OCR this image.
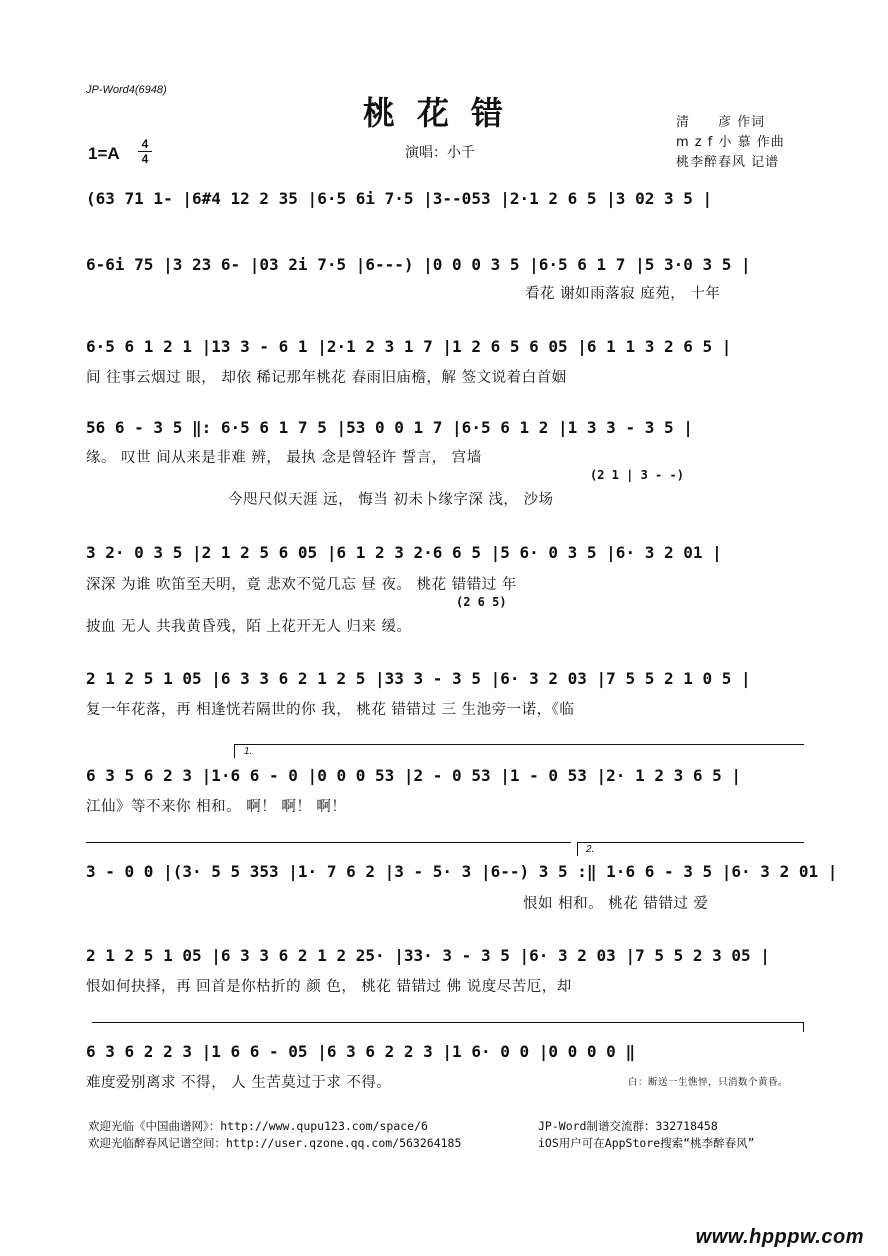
JP-Word4(6948)
桃花错
1=A	4
4	演唱：小千
清　　彦 作词
m z f 小 慕 作曲
桃李醉春风 记谱
(63 71 1- |6#4 12 2 35 |6·5 6i 7·5 |3--053 |2·1 2 6 5 |3 02 3 5 |
6-6i 75 |3 23 6- |03 2i 7·5 |6---) |0 0 0 3 5 |6·5 6 1 7 |5 3·0 3 5 |
看花 谢如雨落寂 庭苑， 十年
6·5 6 1 2 1 |13 3 - 6 1 |2·1 2 3 1 7 |1 2 6 5 6 05 |6 1 1 3 2 6 5 |
间 往事云烟过 眼， 却依 稀记那年桃花 春雨旧庙檐，解 签文说着白首姻
56 6 - 3 5 ‖: 6·5 6 1 7 5 |53 0 0 1 7 |6·5 6 1 2 |1 3 3 - 3 5 |
缘。 叹世 间从来是非难 辨， 最执 念是曾轻许 誓言， 宫墙
(2 1 | 3 - -)
今咫尺似天涯 远， 悔当 初未卜缘字深 浅， 沙场
3 2· 0 3 5 |2 1 2 5 6 05 |6 1 2 3 2·6 6 5 |5 6· 0 3 5 |6· 3 2 01 |
深深 为谁 吹笛至天明，竟 悲欢不觉几忘 昼 夜。 桃花 错错过 年
(2 6 5)
披血 无人 共我黄昏残，陌 上花开无人 归来 缓。
2 1 2 5 1 05 |6 3 3 6 2 1 2 5 |33 3 - 3 5 |6· 3 2 03 |7 5 5 2 1 0 5 |
复一年花落，再 相逢恍若隔世的你 我， 桃花 错错过 三 生池旁一诺，《临
1.
6 3 5 6 2 3 |1·6 6 - 0 |0 0 0 53 |2 - 0 53 |1 - 0 53 |2· 1 2 3 6 5 |
江仙》等不来你 相和。 啊！ 啊！ 啊！
2.
3 - 0 0 |(3· 5 5 353 |1· 7 6 2 |3 - 5· 3 |6--) 3 5 :‖ 1·6 6 - 3 5 |6· 3 2 01 |
恨如 相和。 桃花 错错过 爱
2 1 2 5 1 05 |6 3 3 6 2 1 2 25· |33· 3 - 3 5 |6· 3 2 03 |7 5 5 2 3 05 |
恨如何抉择，再 回首是你枯折的 颜 色， 桃花 错错过 佛 说度尽苦厄，却
6 3 6 2 2 3 |1 6 6 - 05 |6 3 6 2 2 3 |1 6· 0 0 |0 0 0 0 ‖
难度爱别离求 不得， 人 生苦莫过于求 不得。	白：断送一生憔悴，只消数个黄昏。
欢迎光临《中国曲谱网》：http://www.qupu123.com/space/6
欢迎光临醉春风记谱空间：http://user.qzone.qq.com/563264185
JP-Word制谱交流群：332718458
iOS用户可在AppStore搜索“桃李醉春风”
www.hpppw.com
